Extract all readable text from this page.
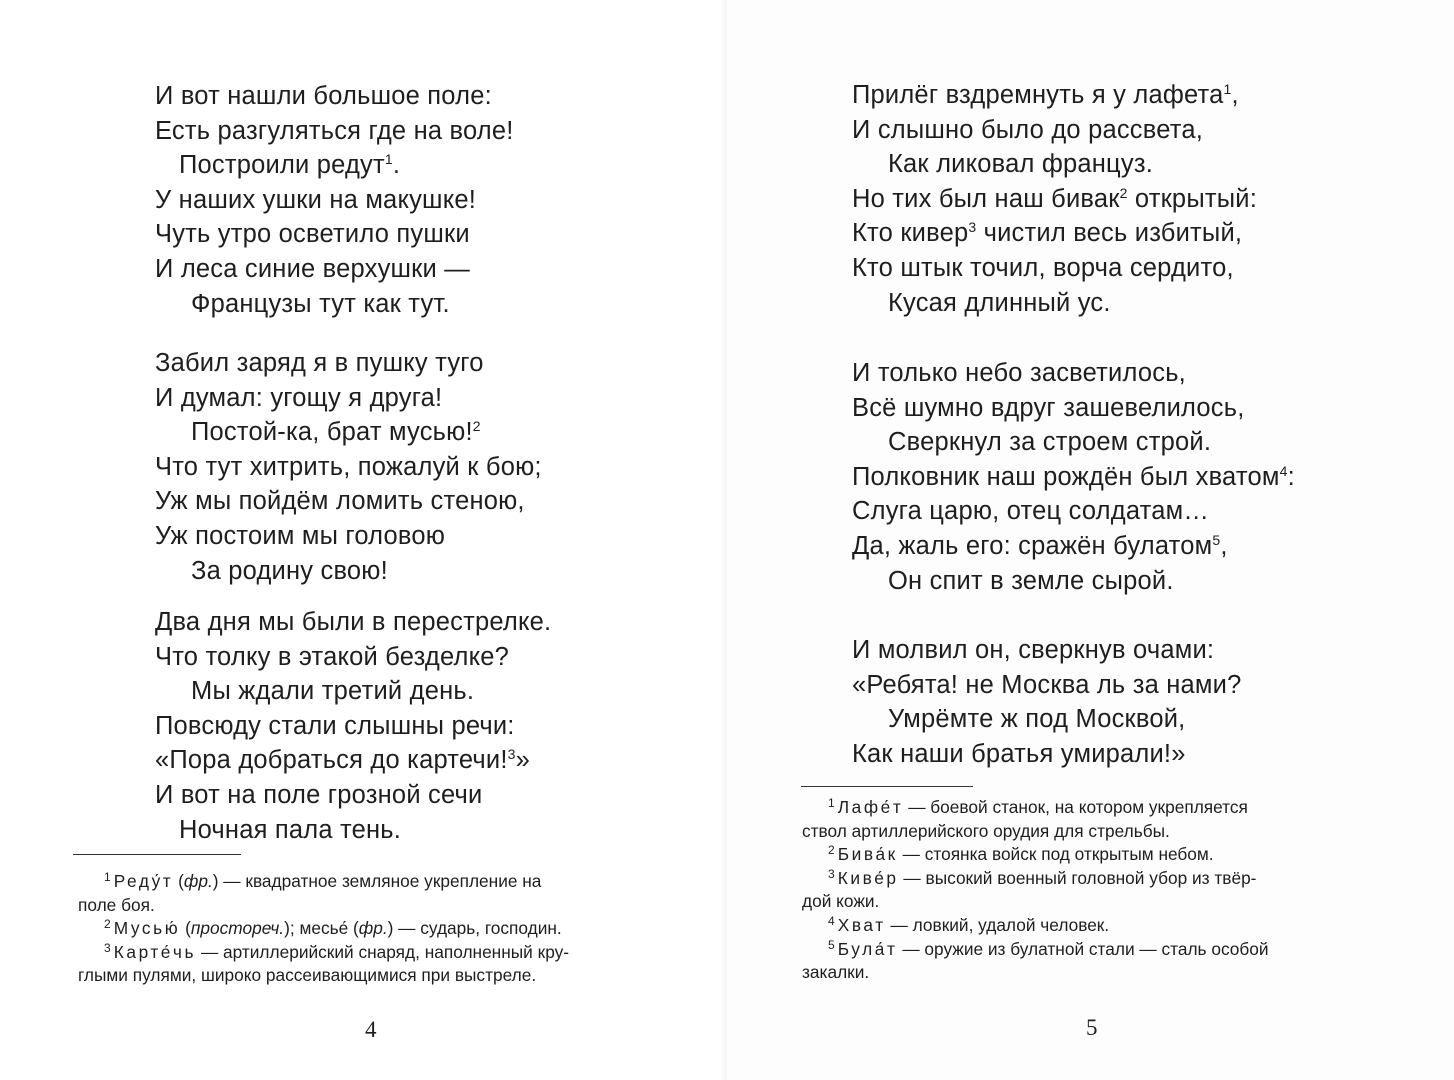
И вот нашли большое поле:
Есть разгуляться где на воле!
Построили редут$^1$.
У наших ушки на макушке!
Чуть утро осветило пушки
И леса синие верхушки —
Французы тут как тут.
Забил заряд я в пушку туго
И думал: угощу я друга!
Постой-ка, брат мусью!$^2$
Что тут хитрить, пожалуй к бою;
Уж мы пойдём ломить стеною,
Уж постоим мы головою
За родину свою!
Два дня мы были в перестрелке.
Что толку в этакой безделке?
Мы ждали третий день.
Повсюду стали слышны речи:
«Пора добраться до картечи!$^3$»
И вот на поле грозной сечи
Ночная пала тень.
$^1$ Реду́т (фр.) — квадратное земляное укрепление на
поле боя.
$^2$ Мусью́ (простореч.); месье́ (фр.) — сударь, господин.
$^3$ Карте́чь — артиллерийский снаряд, наполненный кру-
глыми пулями, широко рассеивающимися при выстреле.
4
Прилёг вздремнуть я у лафета$^1$,
И слышно было до рассвета,
Как ликовал француз.
Но тих был наш бивак$^2$ открытый:
Кто кивер$^3$ чистил весь избитый,
Кто штык точил, ворча сердито,
Кусая длинный ус.
И только небо засветилось,
Всё шумно вдруг зашевелилось,
Сверкнул за строем строй.
Полковник наш рождён был хватом$^4$:
Слуга царю, отец солдатам…
Да, жаль его: сражён булатом$^5$,
Он спит в земле сырой.
И молвил он, сверкнув очами:
«Ребята! не Москва ль за нами?
Умрёмте ж под Москвой,
Как наши братья умирали!»
$^1$ Лафе́т — боевой станок, на котором укрепляется
ствол артиллерийского орудия для стрельбы.
$^2$ Бива́к — стоянка войск под открытым небом.
$^3$ Киве́р — высокий военный головной убор из твёр-
дой кожи.
$^4$ Хват — ловкий, удалой человек.
$^5$ Була́т — оружие из булатной стали — сталь особой
закалки.
5
